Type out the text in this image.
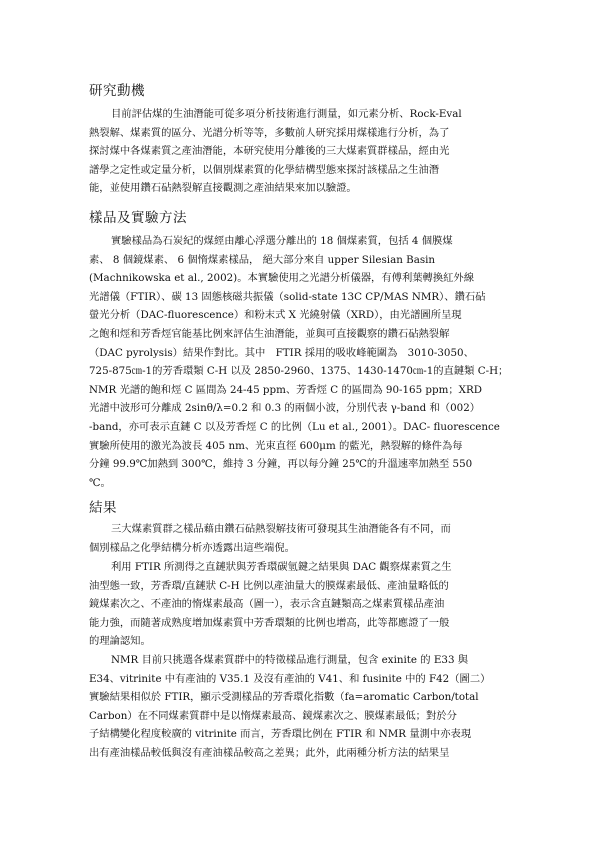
研究動機
目前評估煤的生油潛能可從多項分析技術進行測量，如元素分析、Rock-Eval
熱裂解、煤素質的區分、光譜分析等等，多數前人研究採用煤樣進行分析，為了
探討煤中各煤素質之產油潛能，本研究使用分離後的三大煤素質群樣品，經由光
譜學之定性或定量分析，以個別煤素質的化學結構型態來探討該樣品之生油潛
能，並使用鑽石砧熱裂解直接觀測之產油結果來加以驗證。
樣品及實驗方法
實驗樣品為石炭紀的煤經由離心浮選分離出的 18 個煤素質，包括 4 個膜煤
素、 8 個鏡煤素、 6 個惰煤素樣品， 絕大部分來自 upper Silesian Basin
(Machnikowska et al., 2002)。本實驗使用之光譜分析儀器，有傅利葉轉換紅外線
光譜儀（FTIR）、碳 13 固態核磁共振儀（solid-state 13C CP/MAS NMR）、鑽石砧
螢光分析（DAC-fluorescence）和粉末式 X 光繞射儀（XRD），由光譜圖所呈現
之飽和烴和芳香烴官能基比例來評估生油潛能，並與可直接觀察的鑽石砧熱裂解
（DAC pyrolysis）結果作對比。其中　FTIR 採用的吸收峰範圍為　3010-3050、
725-875㎝-1的芳香環類 C-H 以及 2850-2960、1375、1430-1470㎝-1的直鏈類 C-H；
NMR 光譜的飽和烴 C 區間為 24-45 ppm、芳香烴 C 的區間為 90-165 ppm；XRD
光譜中波形可分離成 2sinθ/λ=0.2 和 0.3 的兩個小波，分別代表 γ-band 和（002）
-band，亦可表示直鏈 C 以及芳香烴 C 的比例（Lu et al., 2001）。DAC- fluorescence
實驗所使用的激光為波長 405 nm、光束直徑 600μm 的藍光，熱裂解的條件為每
分鐘 99.9℃加熱到 300℃，維持 3 分鐘，再以每分鐘 25℃的升溫速率加熱至 550
℃。
結果
三大煤素質群之樣品藉由鑽石砧熱裂解技術可發現其生油潛能各有不同，而
個別樣品之化學結構分析亦透露出這些端倪。
利用 FTIR 所測得之直鏈狀與芳香環碳氫鍵之結果與 DAC 觀察煤素質之生
油型態一致，芳香環/直鏈狀 C-H 比例以產油量大的膜煤素最低、產油量略低的
鏡煤素次之、不產油的惰煤素最高（圖一），表示含直鏈類高之煤素質樣品產油
能力強，而隨著成熟度增加煤素質中芳香環類的比例也增高，此等都應證了一般
的理論認知。
NMR 目前只挑選各煤素質群中的特徵樣品進行測量，包含 exinite 的 E33 與
E34、vitrinite 中有產油的 V35.1 及沒有產油的 V41、和 fusinite 中的 F42（圖二）
實驗結果相似於 FTIR，顯示受測樣品的芳香環化指數（fa=aromatic Carbon/total
Carbon）在不同煤素質群中是以惰煤素最高、鏡煤素次之、膜煤素最低；對於分
子結構變化程度較廣的 vitrinite 而言，芳香環比例在 FTIR 和 NMR 量測中亦表現
出有產油樣品較低與沒有產油樣品較高之差異；此外，此兩種分析方法的結果呈
